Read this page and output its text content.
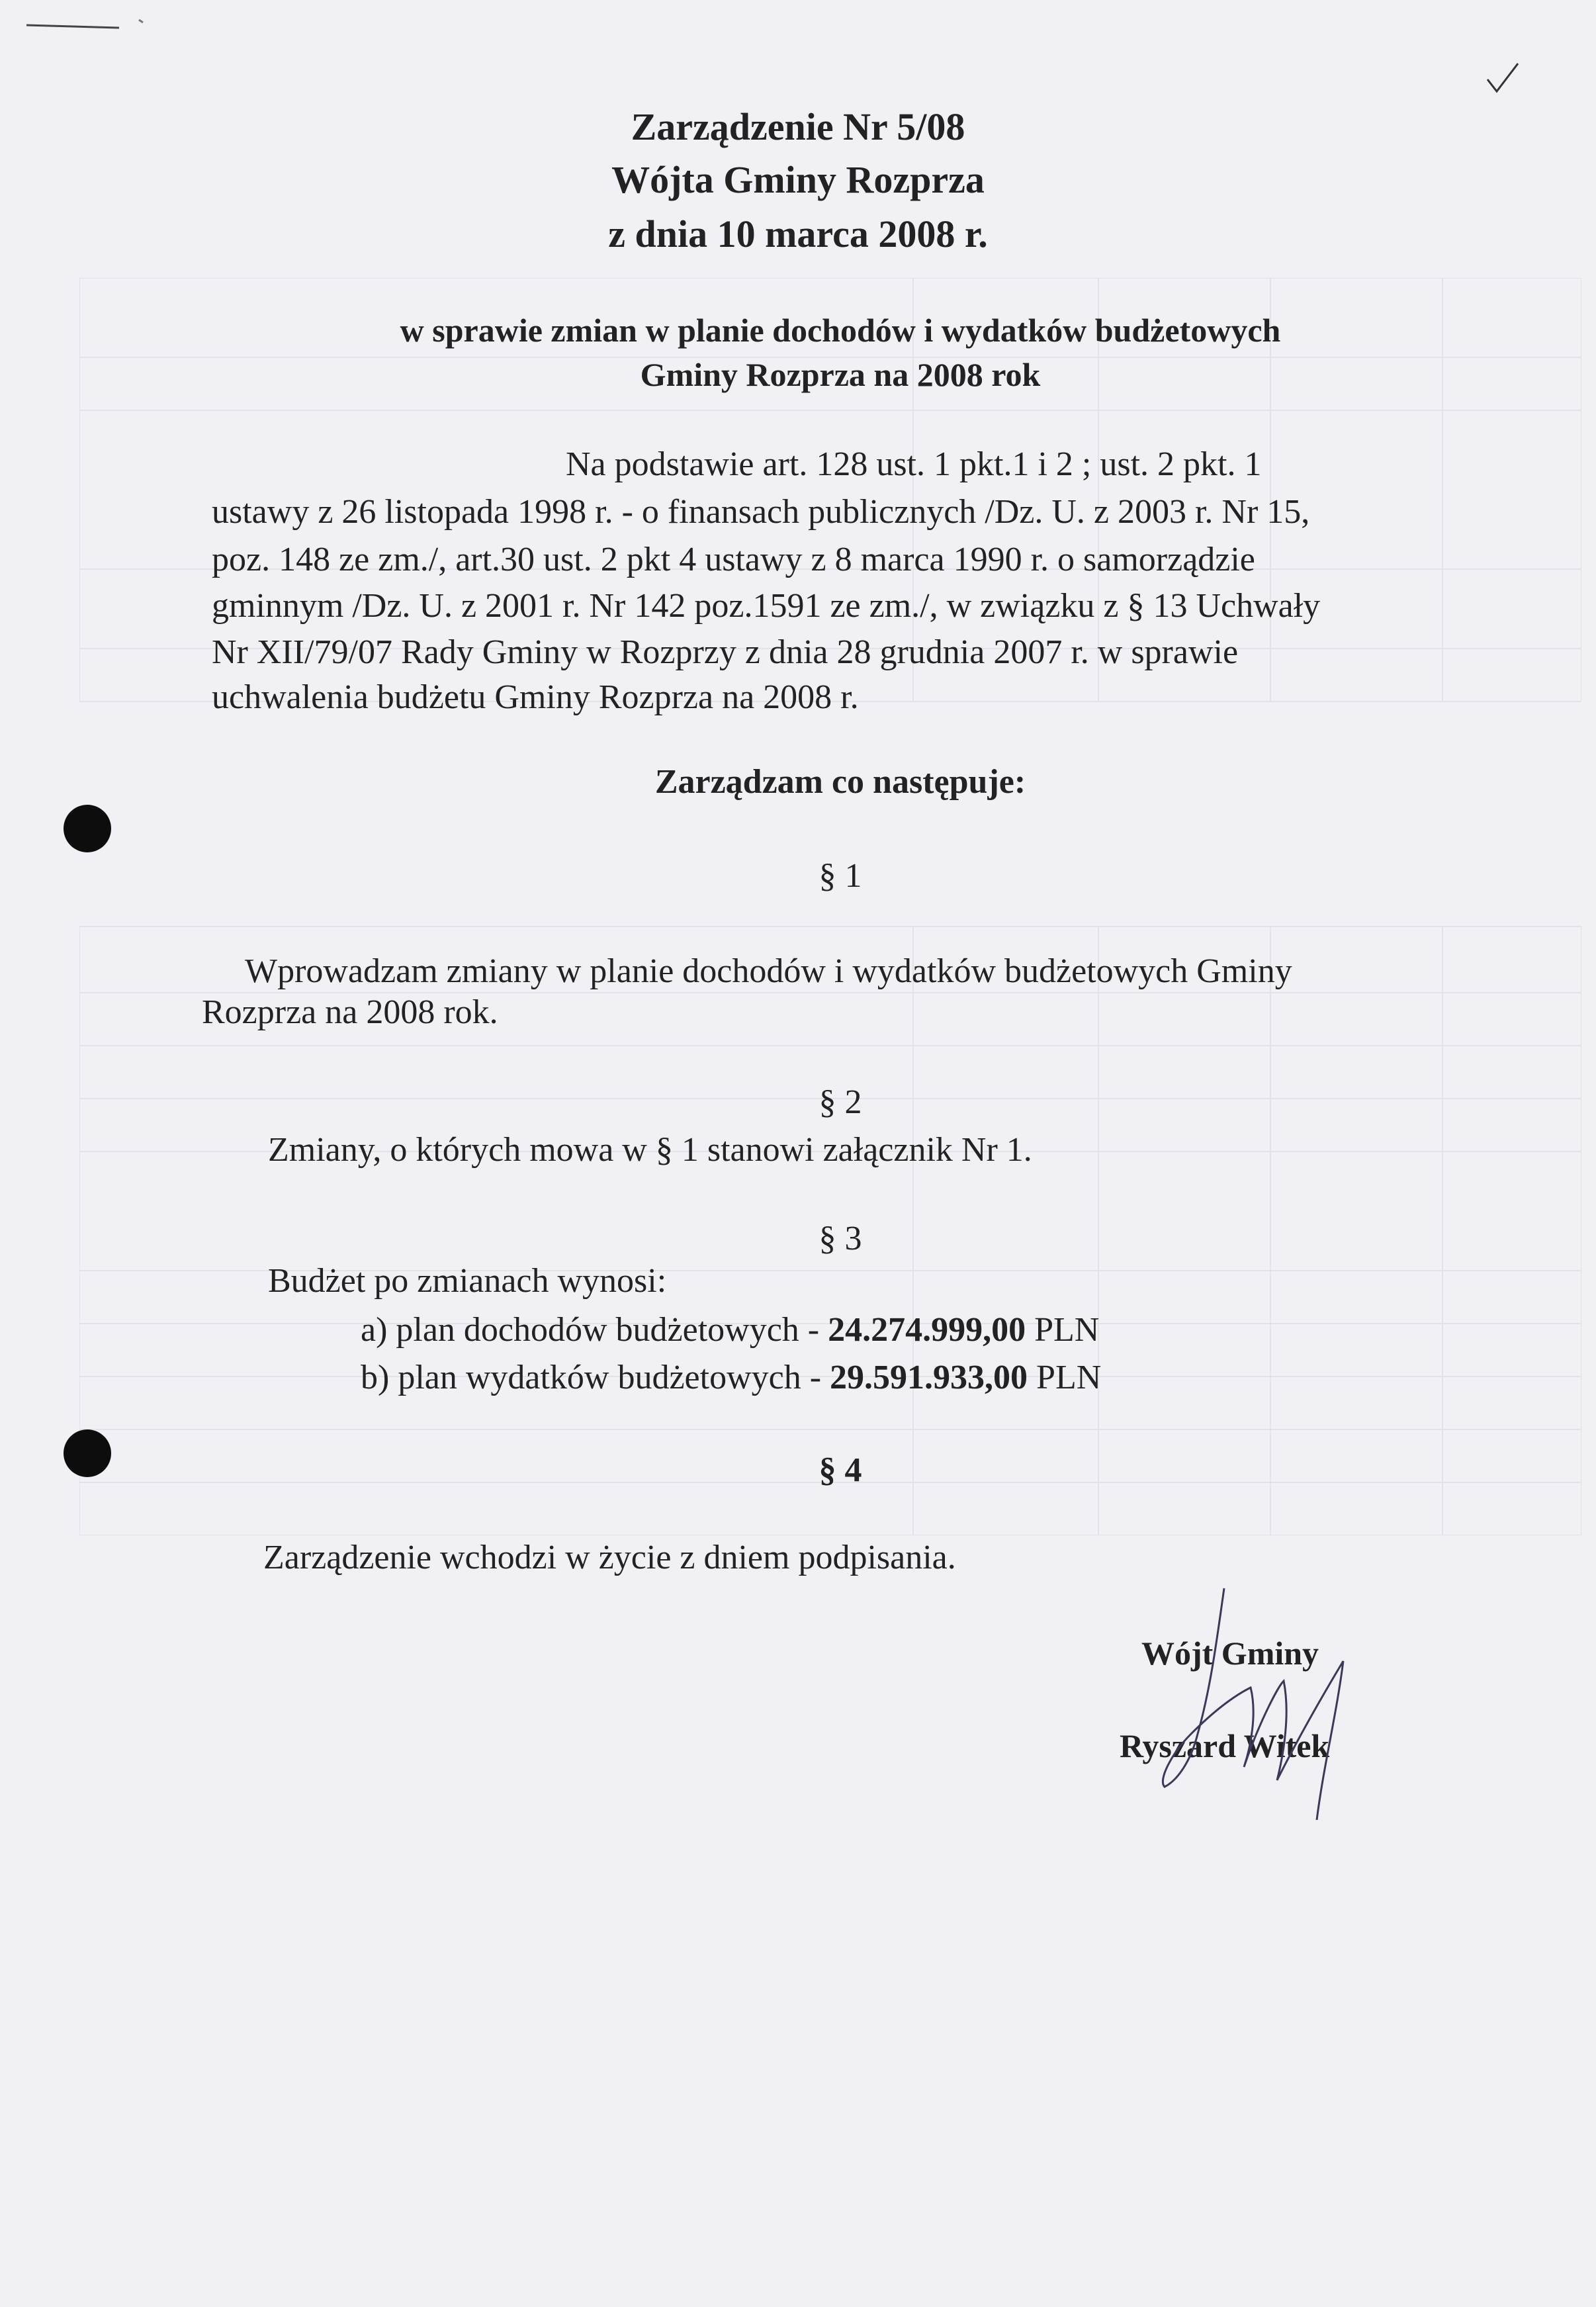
Zarządzenie Nr 5/08
Wójta Gminy Rozprza
z dnia 10 marca 2008 r.
w sprawie zmian w planie dochodów i wydatków budżetowych
Gminy Rozprza na 2008 rok
Na podstawie art. 128 ust. 1 pkt.1 i 2 ; ust. 2 pkt. 1
ustawy z 26 listopada 1998 r. - o finansach publicznych /Dz. U. z 2003 r. Nr 15,
poz. 148 ze zm./, art.30 ust. 2 pkt 4 ustawy z 8 marca 1990 r. o samorządzie
gminnym /Dz. U. z 2001 r. Nr 142 poz.1591 ze zm./, w związku z § 13 Uchwały
Nr XII/79/07 Rady Gminy w Rozprzy z dnia 28 grudnia 2007 r. w sprawie
uchwalenia budżetu Gminy Rozprza na 2008 r.
Zarządzam co następuje:
§ 1
Wprowadzam zmiany w planie dochodów i wydatków budżetowych Gminy
Rozprza na 2008 rok.
§ 2
Zmiany, o których mowa w § 1 stanowi załącznik Nr 1.
§ 3
Budżet po zmianach wynosi:
a) plan dochodów budżetowych - 24.274.999,00 PLN
b) plan wydatków budżetowych - 29.591.933,00 PLN
§ 4
Zarządzenie wchodzi w życie z dniem podpisania.
Wójt Gminy
Ryszard Witek
